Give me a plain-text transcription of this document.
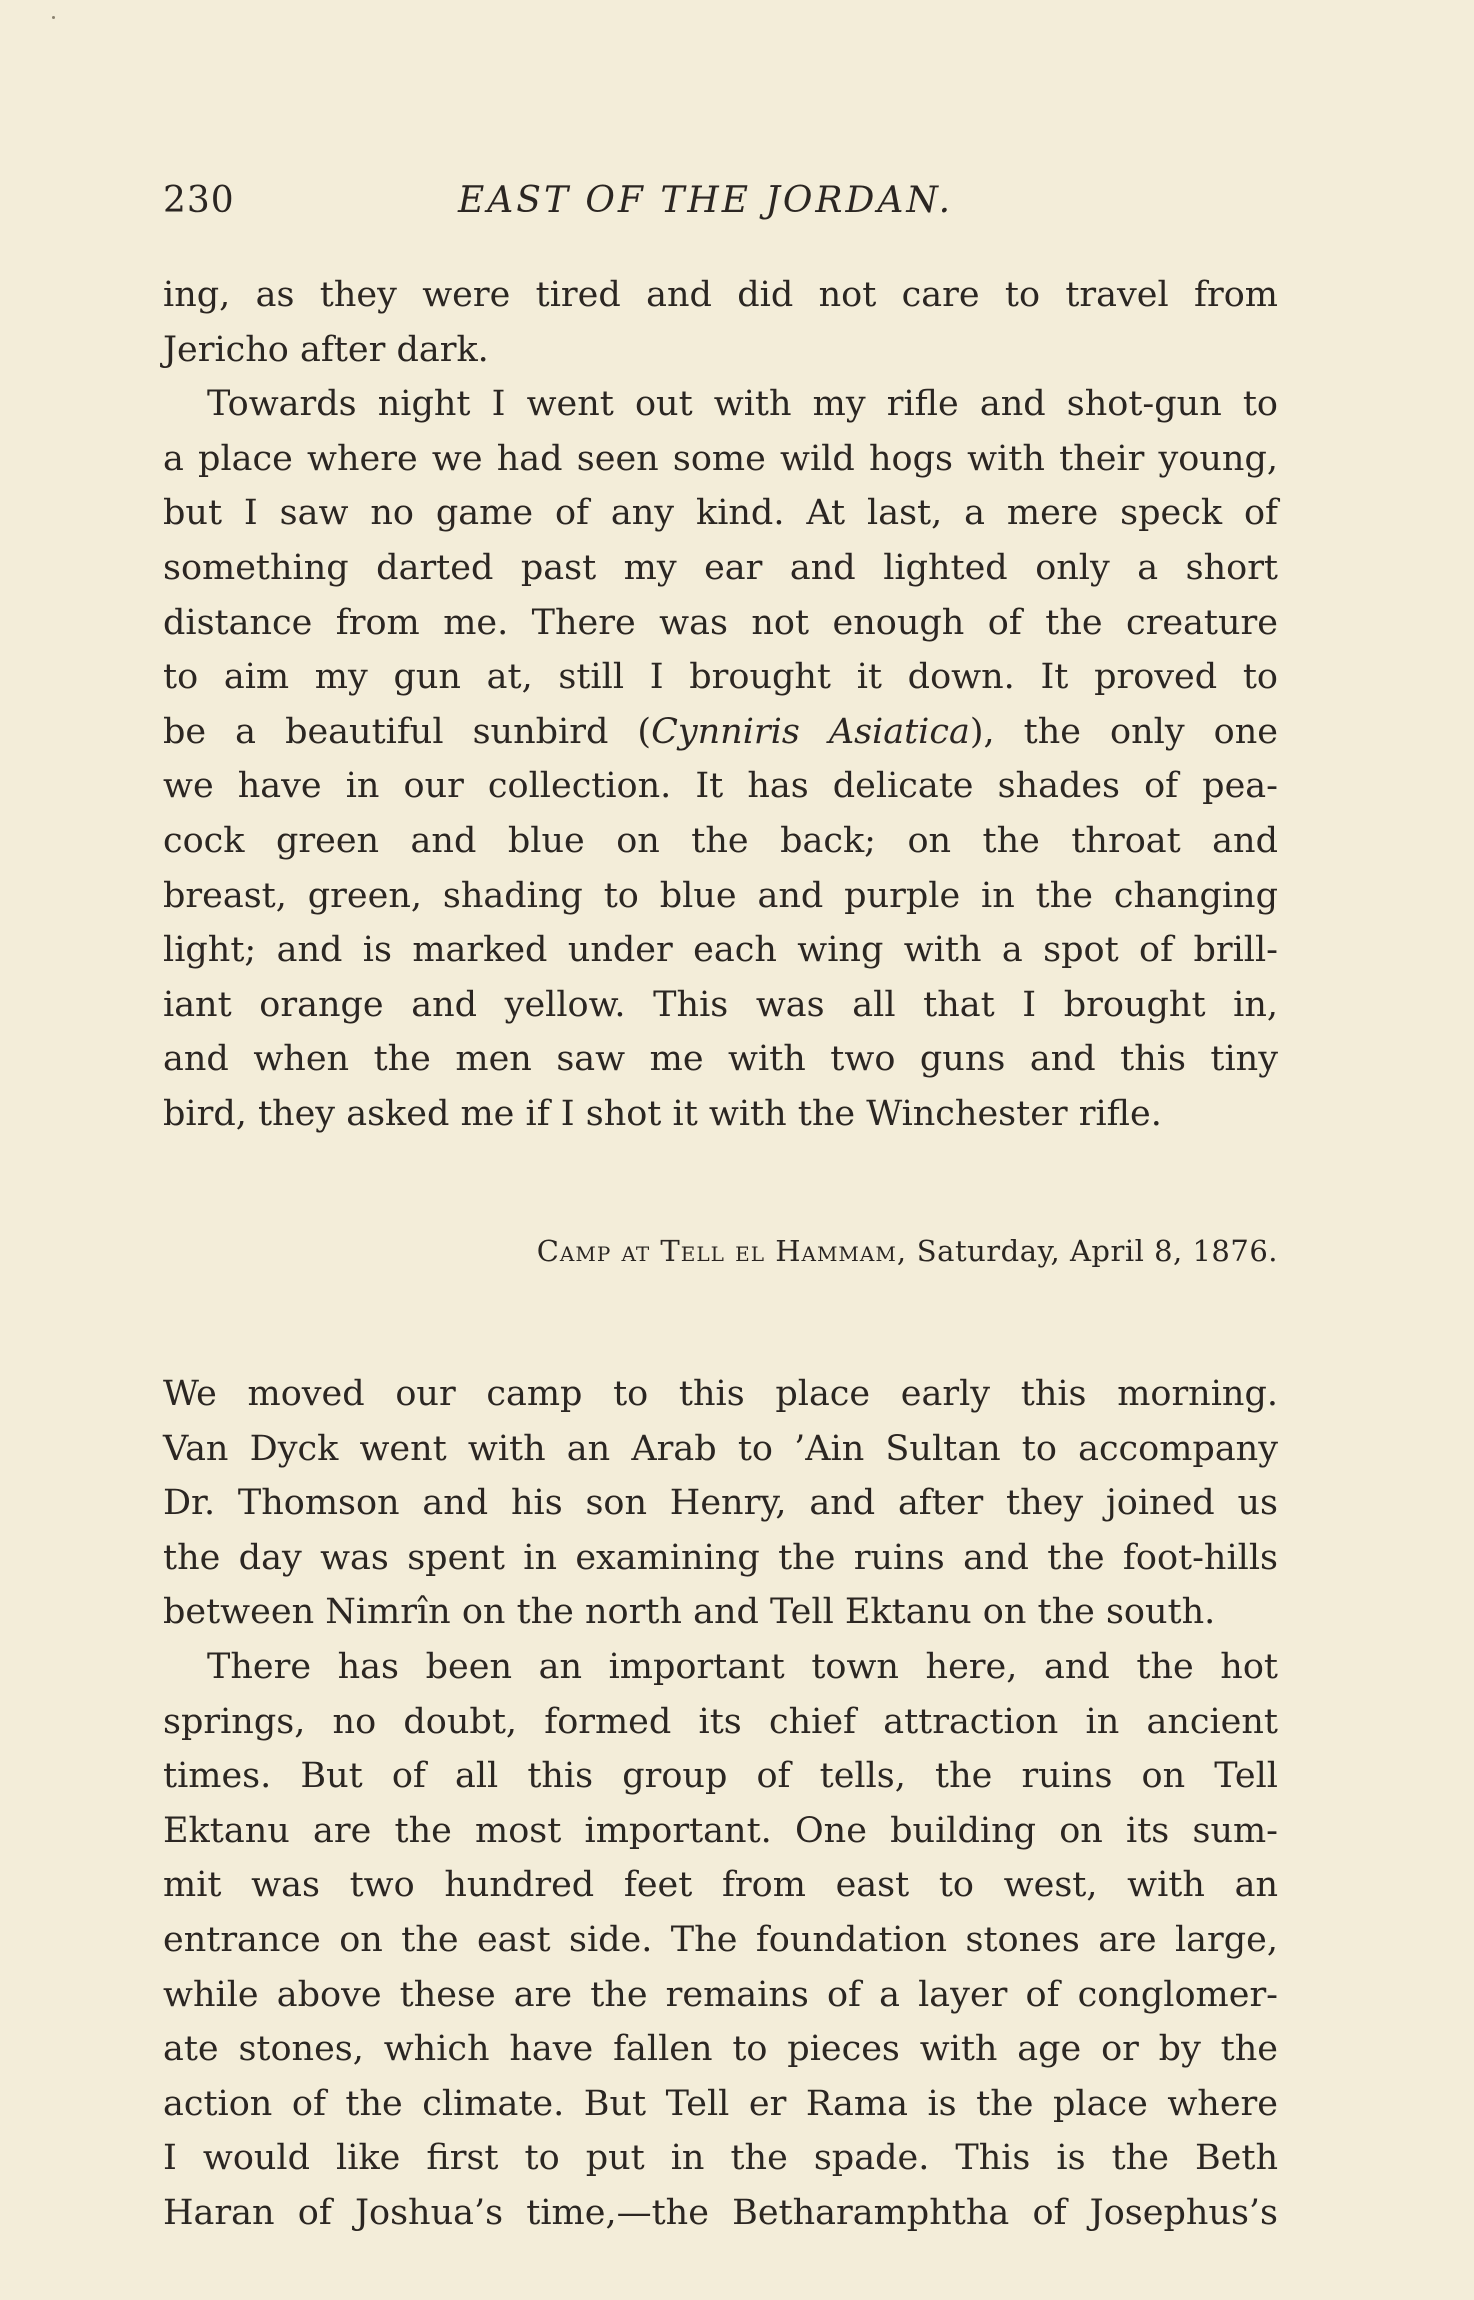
230	EAST OF THE JORDAN.
ing, as they were tired and did not care to travel from
Jericho after dark.
Towards night I went out with my rifle and shot-gun to
a place where we had seen some wild hogs with their young,
but I saw no game of any kind. At last, a mere speck of
something darted past my ear and lighted only a short
distance from me. There was not enough of the creature
to aim my gun at, still I brought it down. It proved to
be a beautiful sunbird (Cynniris Asiatica), the only one
we have in our collection. It has delicate shades of pea-
cock green and blue on the back; on the throat and
breast, green, shading to blue and purple in the changing
light; and is marked under each wing with a spot of brill-
iant orange and yellow. This was all that I brought in,
and when the men saw me with two guns and this tiny
bird, they asked me if I shot it with the Winchester rifle.
Camp at Tell el Hammam, Saturday, April 8, 1876.
We moved our camp to this place early this morning.
Van Dyck went with an Arab to ’Ain Sultan to accompany
Dr. Thomson and his son Henry, and after they joined us
the day was spent in examining the ruins and the foot-hills
between Nimrîn on the north and Tell Ektanu on the south.
There has been an important town here, and the hot
springs, no doubt, formed its chief attraction in ancient
times. But of all this group of tells, the ruins on Tell
Ektanu are the most important. One building on its sum-
mit was two hundred feet from east to west, with an
entrance on the east side. The foundation stones are large,
while above these are the remains of a layer of conglomer-
ate stones, which have fallen to pieces with age or by the
action of the climate. But Tell er Rama is the place where
I would like first to put in the spade. This is the Beth
Haran of Joshua’s time,—the Betharamphtha of Josephus’s
